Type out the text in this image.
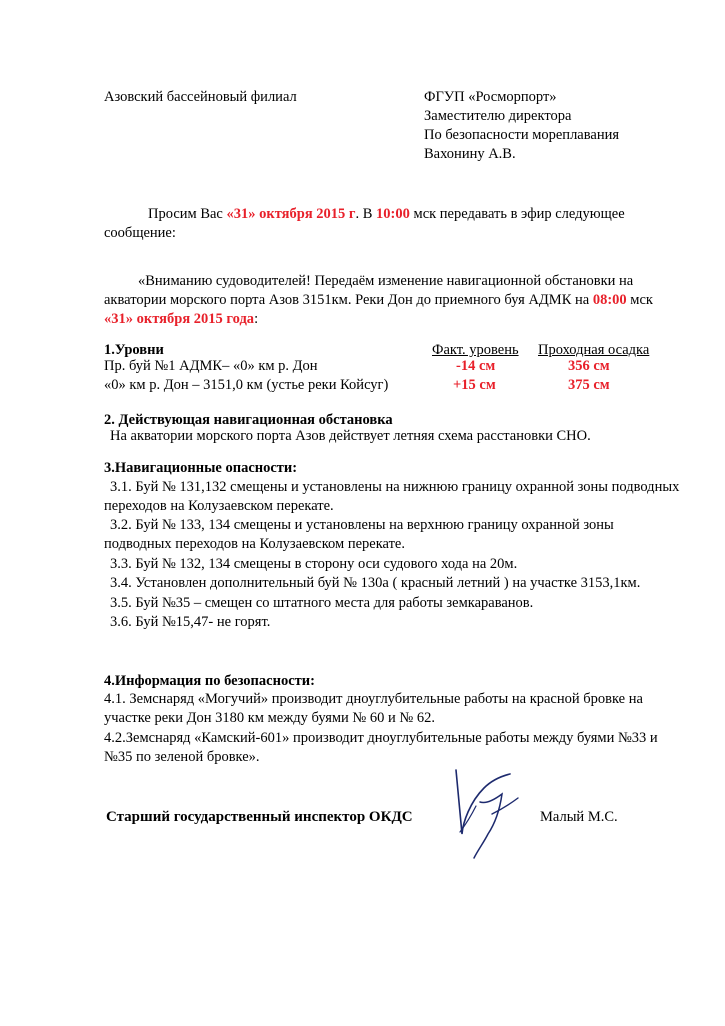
Азовский бассейновый филиал	ФГУП «Росморпорт»
Заместителю директора
По безопасности мореплавания
Вахонину А.В.
Просим Вас «31» октября 2015 г. В 10:00 мск передавать в эфир следующее
сообщение:
«Вниманию судоводителей! Передаём изменение навигационной обстановки на
акватории морского порта Азов 3151км. Реки Дон до приемного буя АДМК на 08:00 мск
«31» октября 2015 года:
1.Уровни	Факт. уровень Проходная осадка
Пр. буй №1 АДМК– «0» км р. Дон	-14 см	356 см
«0» км р. Дон – 3151,0 км (устье реки Койсуг)	+15 см	375 см
2. Действующая навигационная обстановка
На акватории морского порта Азов действует летняя схема расстановки СНО.
3.Навигационные опасности:
3.1. Буй № 131,132 смещены и установлены на нижнюю границу охранной зоны подводных
переходов на Колузаевском перекате.
3.2. Буй № 133, 134 смещены и установлены на верхнюю границу охранной зоны
подводных переходов на Колузаевском перекате.
3.3. Буй № 132, 134 смещены в сторону оси судового хода на 20м.
3.4. Установлен дополнительный буй № 130а ( красный летний ) на участке 3153,1км.
3.5. Буй №35 – смещен со штатного места для работы земкараванов.
3.6. Буй №15,47- не горят.
4.Информация по безопасности:
4.1. Земснаряд «Могучий» производит дноуглубительные работы на красной бровке на
участке реки Дон 3180 км между буями № 60 и № 62.
4.2.Земснаряд «Камский-601» производит дноуглубительные работы между буями №33 и
№35 по зеленой бровке».
Старший государственный инспектор ОКДС	Малый М.С.
